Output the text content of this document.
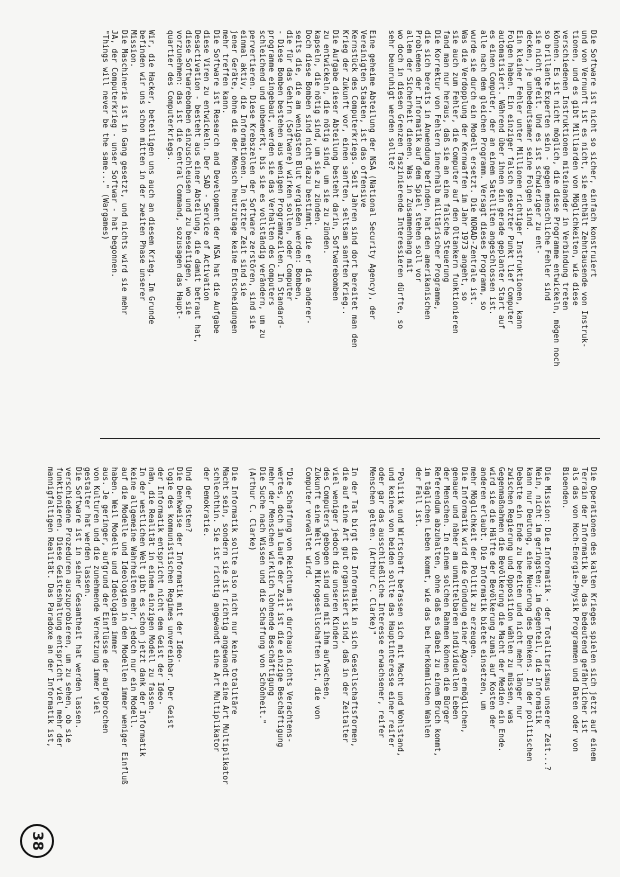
Die Software ist nicht so sicher, einfach konstruiert
und von Vernunft ist es nicht, sie enthält Zehntausende von Instruk-
tionen, und es gibt Milliarden von Möglichkeiten, wie diese
verschiedenen Instruktionen miteinander in Verbindung treten
können. Es ist nicht möglich, die diese Programme entwickeln, mögen noch
so brillante Experten sein - gegen menschliche Fehler sind
sie nicht gefeit. Und es ist schwieriger zu ent-
decken, je unbedeutsamer seine Folgen sind.
Ein kleiner Fehler unter Millionen richtiger Instruktionen, kann
Folgen haben. Ein einziger falsch gesetzter Punkt lief Computer
automatisiert. Während über ihnen ein gerade geplanter Start auf
es einen Computer, der an einem Satelliten angeschlossen ist.
alle nach dem gleichen Programm. Versagt dieses Programm, so
wurde sie durch ein Modell ersetzt. Die NORAD-Zentrale ist.
Was die Verdopplung der Kernwaffen im Jahr 1973 angeht, so
sie auch zum Fehler, die Computer auf den Oltankern funktionieren
fand man nur heraus, daß sie an eine falsche Steuerung
Die Korrektur von Fehlern innerhalb militärischer Programme,
die sich bereits in Anwendung befinden, hat den amerikanischen
Problemen der Informatik auf dem Spiel stehen soll vor
allem der Sicherheit dienen. Was in Zusammenhang mit
wo doch in diesen Grenzen faszinierende Interessieren dürfte, so
sehr beunruhigt werden sollte?

Eine geheime Abteilung der NSA (National Security Agency), der
Vereinigten Staaten, ist das offensive
Kernstück des Computerkriegs. Seit Jahren sind dort bereitet man den
Krieg der Zukunft vor, einen sanften, seltsam sanften Krieg..
Die Aufgabe dieser Abteilung besteht darin, Softwarebomben
zu entwickeln, die nötig sind, um sie zu zünden.
kapseln, die nötig sind, um sie zu zünden.
Doch diese Bomben sind nicht dazu bestimmt, die er die anderer-
seits die, die am wenigsten Blut vergießen werden: Bomben,
die für das Gehirn (Software) wirken sollen, oder Computer
- Diese Bomben bestehen aus wenigen Programmzeilen. In Standard-
programme eingebaut, werden sie das Verhalten des Computers
schleichend und unbemerkt, bis sie es vollständig verändern, um zu
pervertieren. Diese Krebszellen der Software zerstören, sind sie
einmal aktiv, die Informationen. In letzter Zeit sind sie
jener Geräte, ohne die der Mensch heutzutage keine Entscheidungen
mehr treffen kann.
Die Software ist Research and Development der NSA hat die Aufgabe
diese Viren zu entwickeln. Der SAD - Service of Activation
Desactivation - besteht aus einer Abteilung, die damit betraut hat,
diese Softwarebomben einzuschleusen und zu beseitigen, wo sie
vorzunehmen: das ist die Central Command, sozusagen das Haupt-
quartier des Computerkriegs.

Wir, die Hacker, beteiligen uns auch an diesem Krieg. Im Grunde
befinden wir uns schon mitten in der zweiten Phase unserer
Mission.
Die Maschinerie ist in Gang gesetzt, und nichts wird sie mehr
JA, der Computerkrieg - unser Softwar - hat begonnen.
"Things will never be the same..." (Wargames)
Die Operationen des kalten Krieges spielen sich jetzt auf einem
Terrain der Informatik ab, das bedeutend gefährlicher ist
als das von Hoch-Energie-Physik Programmen und Daten oder von
Bioenden.

Die Mission: Die Informatik - der Totalitarismus unserer Zeit...?
Nein, nicht im geringsten; im Gegenteil, die Informatik
kann nur Deutung, eine Neuerung des Denkens. In der politischen
Debatte ein Ende zu bereiten und nicht mehr länger nur
zwischen Regierung und Opposition wählen zu müssen, was
Gegenmaßnahmen die Bevölkerung die Macht der Medien ein Ende.
wird sie die Hälfte der Bevölkerung zumal auf Kosten der
anderen erlaubt. Die Informatik bietet einsetzen, um
mehr Möglichkeit der Politik zu erzeugen.
Die Informatik wird die Gründung einer Agora ermöglichen,
genauer und näher am unmittelbaren individuellen Leben
der Menschen. In einem solchen Rahmen können die Bürger
Referendum abzuhalten, ohne daß es dabei zu einem Bruch kommt,
im täglichen Leben kommt, wie das bei herkömmlichen Wahlen
der Fall ist.

"Politik und Wirtschaft befassen sich mit Macht und Wohlstand,
und keines von beiden sollte das Hauptinteresse einer reifer
oder gar das ausschließliche Interesse erwachsener, reifer
Menschen gelten. (Arthur C. Clarke)"

In der Tat birgt die Informatik in sich Gesellschaftsformen,
die auf eine Art gut organisiert sind, daß in der Zeitalter
viel weniger jedoch die unseren Kindern
des Computers gebogen sind und mit ihm aufwachsen,
Zukunft eine Welt von Mikrogesellschaften ist, die von
Computer verwaltet wird.

"Die Schaffung von Reichtum ist durchaus nichts Verachtens-
wertes, doch im Laufe der Zeit ist die einzige Beschäftigung
mehr der Menschen wirklich lohnende Beschäftigung
Die Suche nach Wissen und die Schaffung von Schönheit."
(Arthur C. Clarke)

Die Informatik sollte also nicht nur keine totalitäre
Macht sein, sondern sie ist richtig angewandt eine Art Multiplikator
schlechthin. Sie ist richtig angewandt eine Art Multiplikator
der Demokratie.

Und der Osten?
Die Denkweise der Informatik mit der Ideo-
logie des kommunistischen Regimes unvereinbar. Der Geist
der Informatik entspricht nicht dem Geist der Ideo-
näm, die Realität in einem einzigen Modell zu fassen.
In der westlichen Welt gibt es schon jetzt dank der Informatik
keine allgemeine Wahrheiten mehr, jedoch nur ein Modell.
auf die Modelle und Ideologien in den Modellen immer weniger Einfluß
haben. Weil Modelle und Ideologien immer
aus. Je geringer, aufgrund der Einflüsse der aufgebrochen
von Kulturen und die zunehmende Vernetzung immer viel
gestalter hat werden lassen.
Die Software ist in seiner Gesamtheit hat werden lassen.
verschiedene Prozeduren auszuprobieren, um zu sehen, ob sie
funktionieren. Diese Geisteshaltung entspricht viel mehr der
mannigfaltigen Realität. Das Paradoxe an der Informatik ist,
38
